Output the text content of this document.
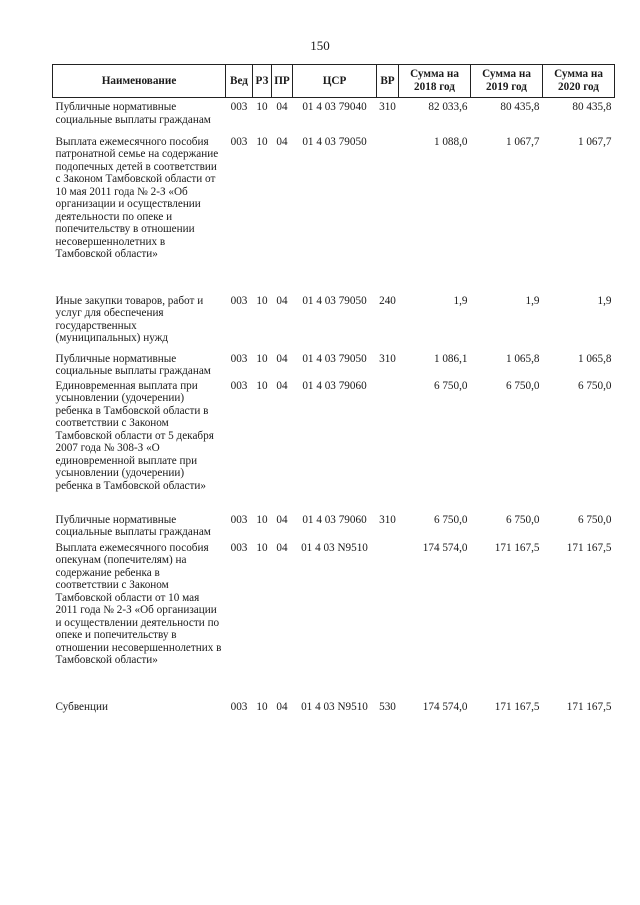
150
Наименование	Вед	РЗ	ПР	ЦСР	ВР	Сумма на 2018 год	Сумма на 2019 год	Сумма на 2020 год
Публичные нормативные социальные выплаты гражданам	003	10	04	01 4 03 79040	310	82 033,6	80 435,8	80 435,8
Выплата ежемесячного пособия патронатной семье на содержание подопечных детей в соответствии с Законом Тамбовской области от 10 мая 2011 года № 2-З «Об организации и осуществлении деятельности по опеке и попечительству в отношении несовершеннолетних в Тамбовской области»	003	10	04	01 4 03 79050		1 088,0	1 067,7	1 067,7
Иные закупки товаров, работ и услуг для обеспечения государственных (муниципальных) нужд	003	10	04	01 4 03 79050	240	1,9	1,9	1,9
Публичные нормативные социальные выплаты гражданам	003	10	04	01 4 03 79050	310	1 086,1	1 065,8	1 065,8
Единовременная выплата при усыновлении (удочерении) ребенка в Тамбовской области в соответствии с Законом Тамбовской области от 5 декабря 2007 года № 308-З «О единовременной выплате при усыновлении (удочерении) ребенка в Тамбовской области»	003	10	04	01 4 03 79060		6 750,0	6 750,0	6 750,0
Публичные нормативные социальные выплаты гражданам	003	10	04	01 4 03 79060	310	6 750,0	6 750,0	6 750,0
Выплата ежемесячного пособия опекунам (попечителям) на содержание ребенка в соответствии с Законом Тамбовской области от 10 мая 2011 года № 2-З «Об организации и осуществлении деятельности по опеке и попечительству в отношении несовершеннолетних в Тамбовской области»	003	10	04	01 4 03 N9510		174 574,0	171 167,5	171 167,5
Субвенции	003	10	04	01 4 03 N9510	530	174 574,0	171 167,5	171 167,5
